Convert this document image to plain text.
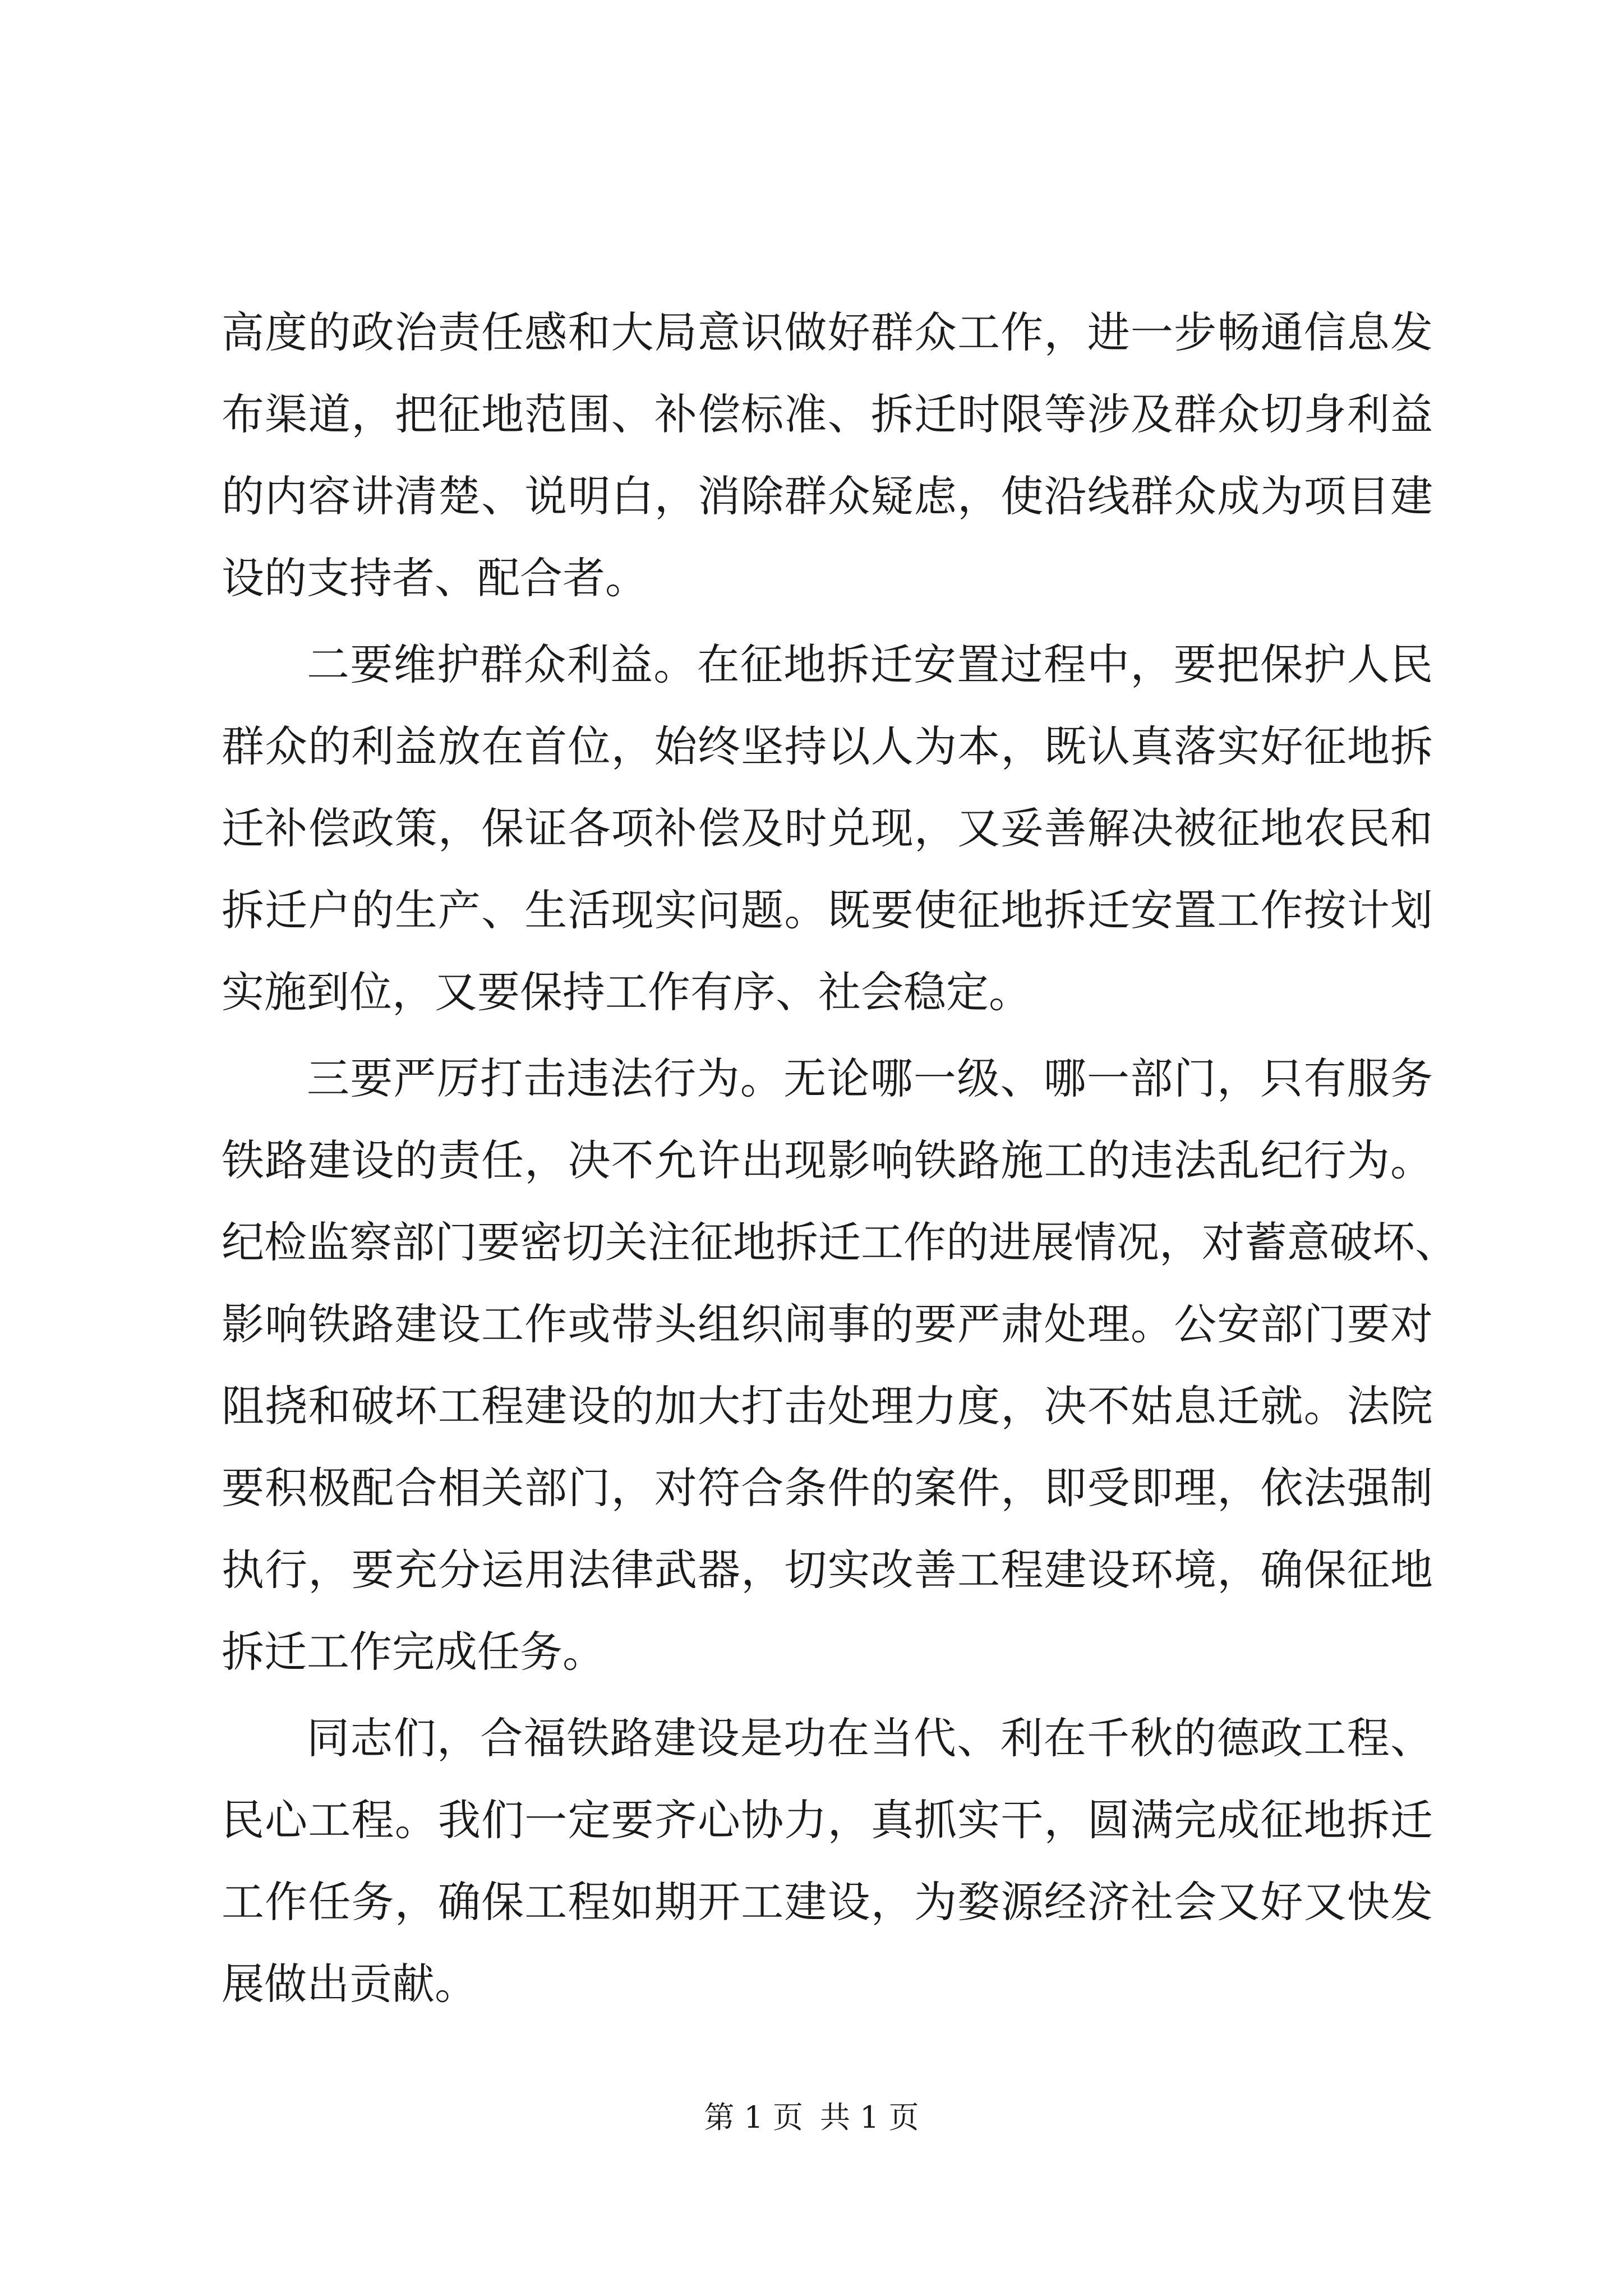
高度的政治责任感和大局意识做好群众工作，进一步畅通信息发
布渠道，把征地范围、补偿标准、拆迁时限等涉及群众切身利益
的内容讲清楚、说明白，消除群众疑虑，使沿线群众成为项目建
设的支持者、配合者。
二要维护群众利益。在征地拆迁安置过程中，要把保护人民
群众的利益放在首位，始终坚持以人为本，既认真落实好征地拆
迁补偿政策，保证各项补偿及时兑现，又妥善解决被征地农民和
拆迁户的生产、生活现实问题。既要使征地拆迁安置工作按计划
实施到位，又要保持工作有序、社会稳定。
三要严厉打击违法行为。无论哪一级、哪一部门，只有服务
铁路建设的责任，决不允许出现影响铁路施工的违法乱纪行为。
纪检监察部门要密切关注征地拆迁工作的进展情况，对蓄意破坏、
影响铁路建设工作或带头组织闹事的要严肃处理。公安部门要对
阻挠和破坏工程建设的加大打击处理力度，决不姑息迁就。法院
要积极配合相关部门，对符合条件的案件，即受即理，依法强制
执行，要充分运用法律武器，切实改善工程建设环境，确保征地
拆迁工作完成任务。
同志们，合福铁路建设是功在当代、利在千秋的德政工程、
民心工程。我们一定要齐心协力，真抓实干，圆满完成征地拆迁
工作任务，确保工程如期开工建设，为婺源经济社会又好又快发
展做出贡献。
第 1 页 共 1 页
